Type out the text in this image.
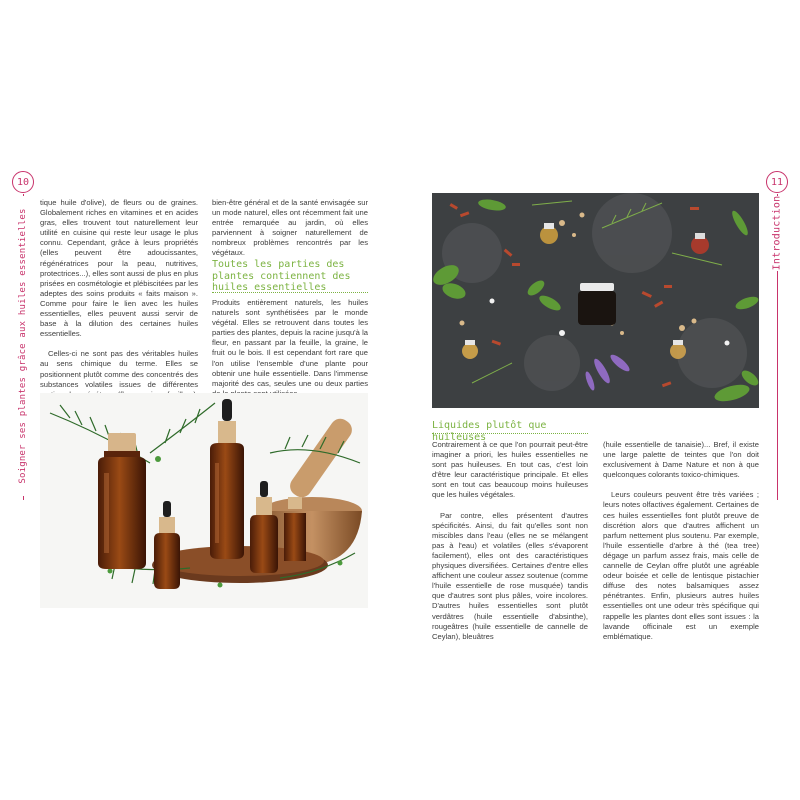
10
Soigner ses plantes grâce aux huiles essentielles

tique huile d'olive), de fleurs ou de graines. Globalement riches en vitamines et en acides gras, elles trouvent tout naturellement leur utilité en cuisine qui reste leur usage le plus connu. Cependant, grâce à leurs propriétés (elles peuvent être adoucissantes, régénératrices pour la peau, nutritives, protectrices...), elles sont aussi de plus en plus prisées en cosmétologie et plébiscitées par les adeptes des soins produits « faits maison ». Comme pour faire le lien avec les huiles essentielles, elles peuvent aussi servir de base à la dilution des certaines huiles essentielles.

Celles-ci ne sont pas des véritables huiles au sens chimique du terme. Elles se positionnent plutôt comme des concentrés des substances volatiles issues de différentes

bien-être général et de la santé envisagée sur un mode naturel, elles ont récemment fait une entrée remarquée au jardin, où elles parviennent à soigner naturellement de nombreux problèmes rencontrés par les végétaux.

Toutes les parties des plantes contiennent des huiles essentielles

Produits entièrement naturels, les huiles naturels sont synthétisées par le monde végétal. Elles se retrouvent dans toutes les parties des plantes, depuis la racine jusqu'à la fleur, en passant par la feuille, la graine, le fruit ou le bois. Il est cependant fort rare que l'on utilise l'ensemble d'une plante pour obtenir une huile essentielle. Dans l'immense majorité des cas, seules une ou deux parties

11
Introduction
Liquides plutôt que huileuses

Contrairement à ce que l'on pourrait peut-être imaginer a priori, les huiles essentielles ne sont pas huileuses. En tout cas, c'est loin d'être leur caractéristique principale. Et elles sont en tout cas beaucoup moins huileuses que les huiles végétales.

Par contre, elles présentent d'autres spécificités. Ainsi, du fait qu'elles sont non miscibles dans l'eau (elles ne se mélangent pas à l'eau) et volatiles (elles s'évaporent facilement), elles ont des caractéristiques physiques diversifiées. Certaines d'entre elles affichent une couleur assez soutenue (comme l'huile essentielle de rose musquée) tandis que d'autres sont plus pâles, voire incolores. D'autres huiles essentielles sont plutôt verdâtres (huile essentielle d'absinthe), rougeâtres (huile essentielle de cannelle de Ceylan), bleuâtres

(huile essentielle de tanaisie)... Bref, il existe une large palette de teintes que l'on doit exclusivement à Dame Nature et non à que quelconques colorants toxico-chimiques.

Leurs couleurs peuvent être très variées ; leurs notes olfactives également. Certaines de ces huiles essentielles font plutôt preuve de discrétion alors que d'autres affichent un parfum nettement plus soutenu. Par exemple, l'huile essentielle d'arbre à thé (tea tree) dégage un parfum assez frais, mais celle de cannelle de Ceylan offre plutôt une agréable odeur boisée et celle de lentisque pistachier diffuse des notes balsamiques assez pénétrantes. Enfin, plusieurs autres huiles essentielles ont une odeur très spécifique qui rappelle les plantes dont elles sont issues : la lavande officinale est un exemple emblématique.
